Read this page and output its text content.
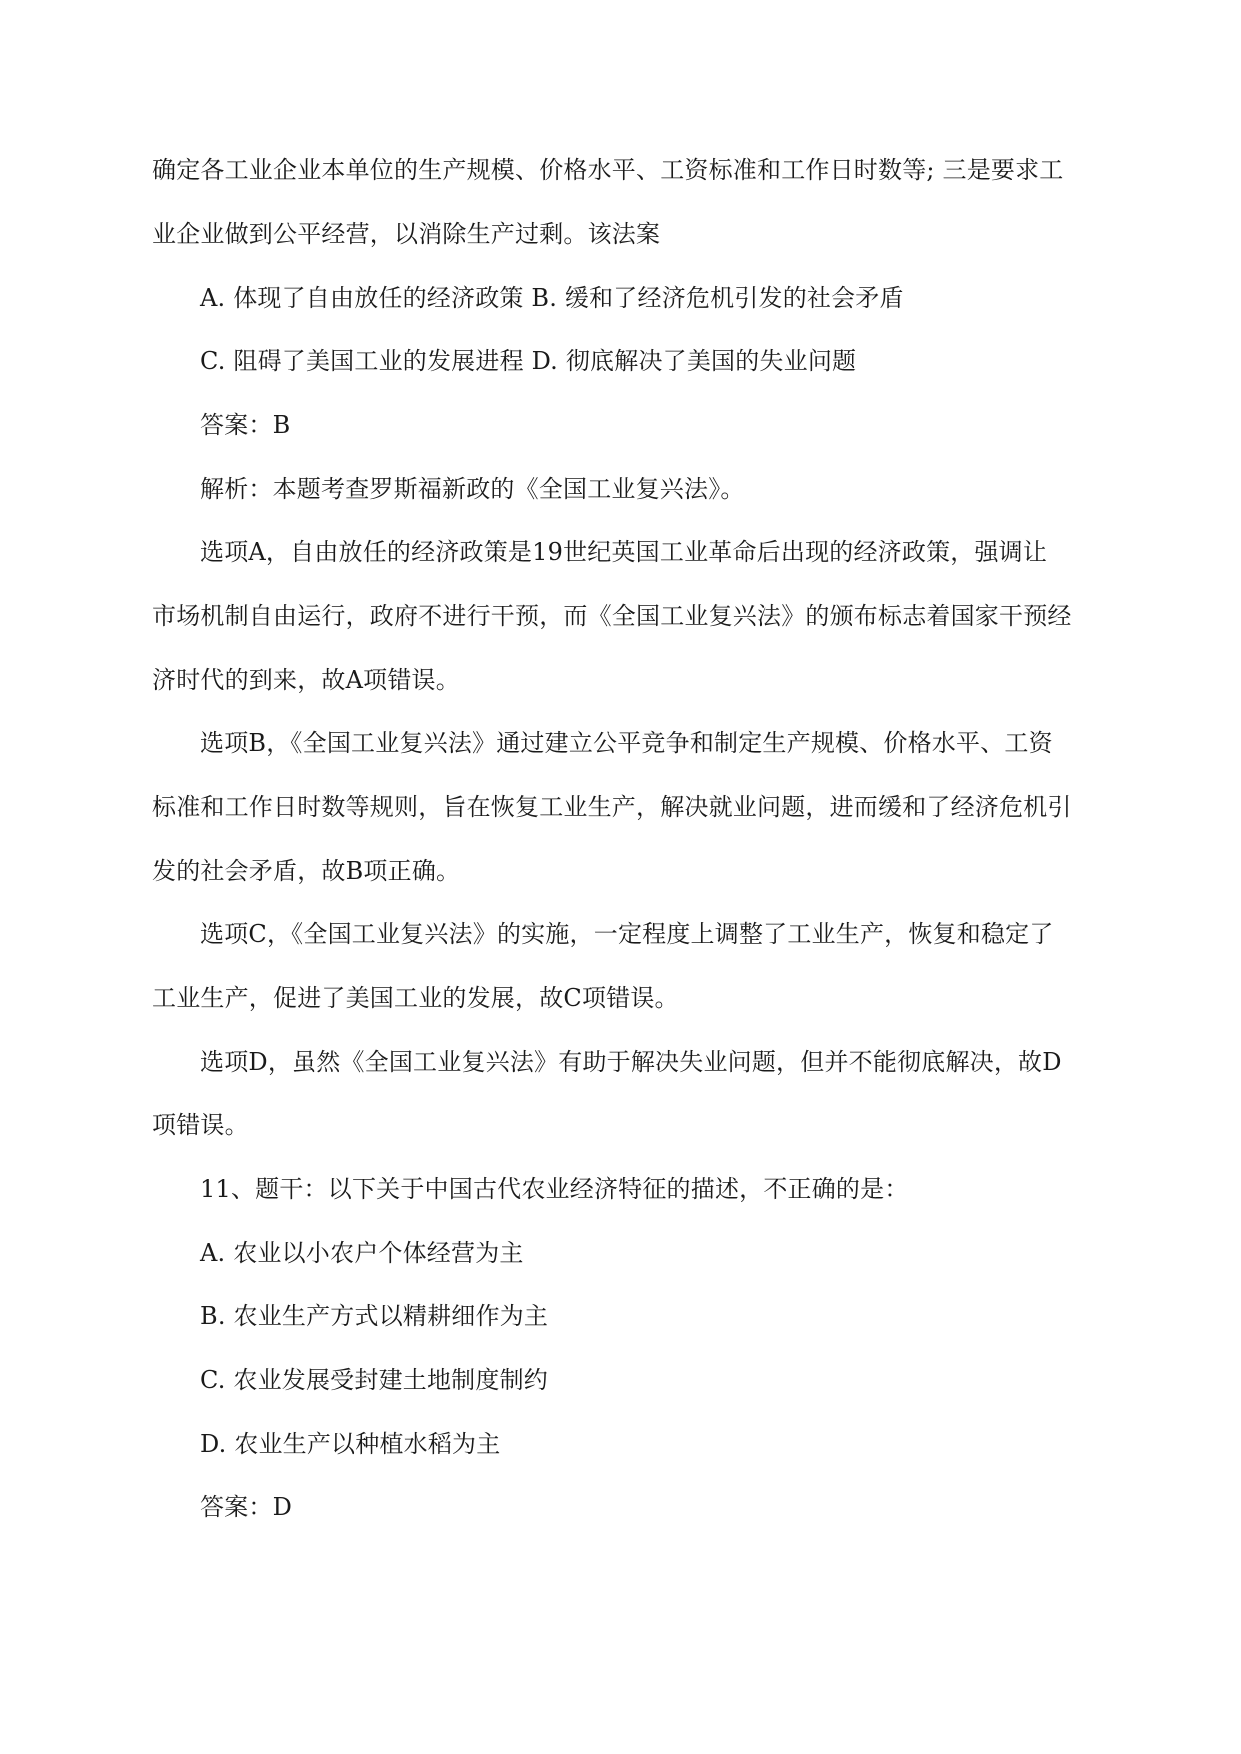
确定各工业企业本单位的生产规模、价格水平、工资标准和工作日时数等; 三是要求工
业企业做到公平经营，以消除生产过剩。该法案
A. 体现了自由放任的经济政策 B. 缓和了经济危机引发的社会矛盾
C. 阻碍了美国工业的发展进程 D. 彻底解决了美国的失业问题
答案：B
解析：本题考查罗斯福新政的《全国工业复兴法》。
选项A，自由放任的经济政策是19世纪英国工业革命后出现的经济政策，强调让
市场机制自由运行，政府不进行干预，而《全国工业复兴法》的颁布标志着国家干预经
济时代的到来，故A项错误。
选项B，《全国工业复兴法》通过建立公平竞争和制定生产规模、价格水平、工资
标准和工作日时数等规则，旨在恢复工业生产，解决就业问题，进而缓和了经济危机引
发的社会矛盾，故B项正确。
选项C，《全国工业复兴法》的实施，一定程度上调整了工业生产，恢复和稳定了
工业生产，促进了美国工业的发展，故C项错误。
选项D，虽然《全国工业复兴法》有助于解决失业问题，但并不能彻底解决，故D
项错误。
11、题干：以下关于中国古代农业经济特征的描述，不正确的是：
A. 农业以小农户个体经营为主
B. 农业生产方式以精耕细作为主
C. 农业发展受封建土地制度制约
D. 农业生产以种植水稻为主
答案：D
